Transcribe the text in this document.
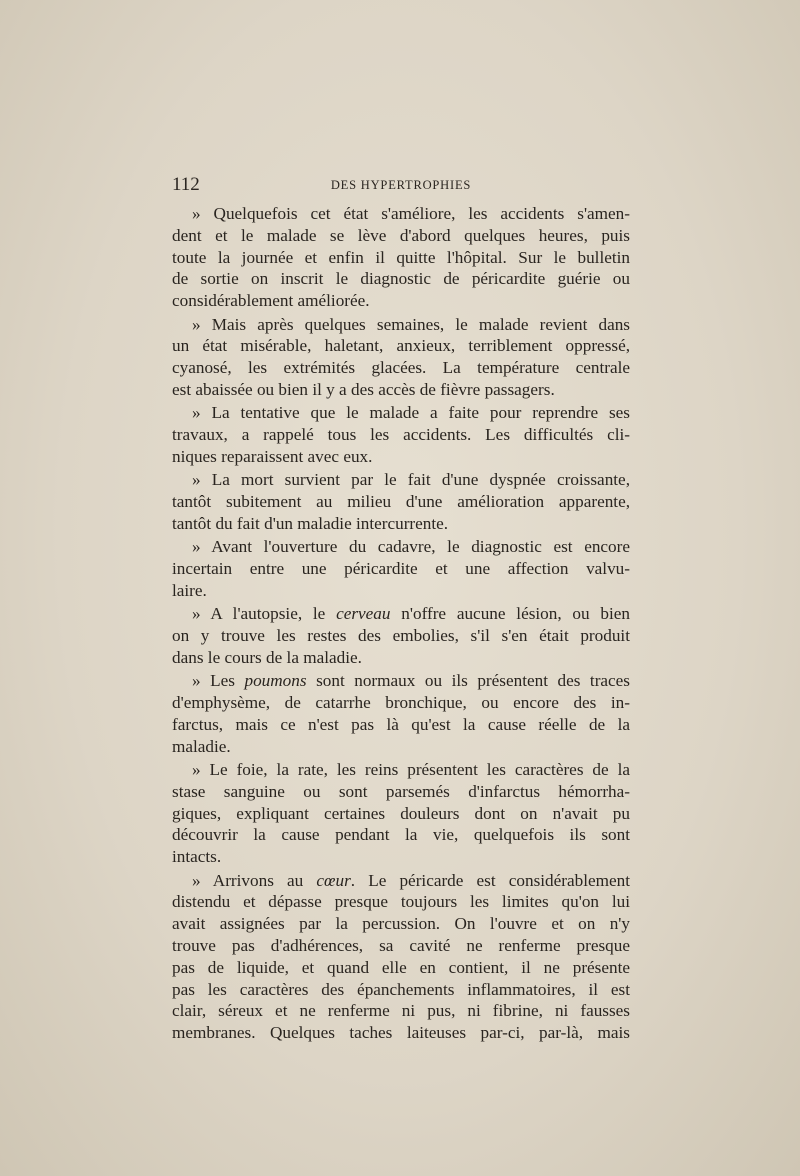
112	DES HYPERTROPHIES
» Quelquefois cet état s'améliore, les accidents s'amen-
dent et le malade se lève d'abord quelques heures, puis
toute la journée et enfin il quitte l'hôpital. Sur le bulletin
de sortie on inscrit le diagnostic de péricardite guérie ou
considérablement améliorée.
» Mais après quelques semaines, le malade revient dans
un état misérable, haletant, anxieux, terriblement oppressé,
cyanosé, les extrémités glacées. La température centrale
est abaissée ou bien il y a des accès de fièvre passagers.
» La tentative que le malade a faite pour reprendre ses
travaux, a rappelé tous les accidents. Les difficultés cli-
niques reparaissent avec eux.
» La mort survient par le fait d'une dyspnée croissante,
tantôt subitement au milieu d'une amélioration apparente,
tantôt du fait d'un maladie intercurrente.
» Avant l'ouverture du cadavre, le diagnostic est encore
incertain entre une péricardite et une affection valvu-
laire.
» A l'autopsie, le cerveau n'offre aucune lésion, ou bien
on y trouve les restes des embolies, s'il s'en était produit
dans le cours de la maladie.
» Les poumons sont normaux ou ils présentent des traces
d'emphysème, de catarrhe bronchique, ou encore des in-
farctus, mais ce n'est pas là qu'est la cause réelle de la
maladie.
» Le foie, la rate, les reins présentent les caractères de la
stase sanguine ou sont parsemés d'infarctus hémorrha-
giques, expliquant certaines douleurs dont on n'avait pu
découvrir la cause pendant la vie, quelquefois ils sont
intacts.
» Arrivons au cœur. Le péricarde est considérablement
distendu et dépasse presque toujours les limites qu'on lui
avait assignées par la percussion. On l'ouvre et on n'y
trouve pas d'adhérences, sa cavité ne renferme presque
pas de liquide, et quand elle en contient, il ne présente
pas les caractères des épanchements inflammatoires, il est
clair, séreux et ne renferme ni pus, ni fibrine, ni fausses
membranes. Quelques taches laiteuses par-ci, par-là, mais
